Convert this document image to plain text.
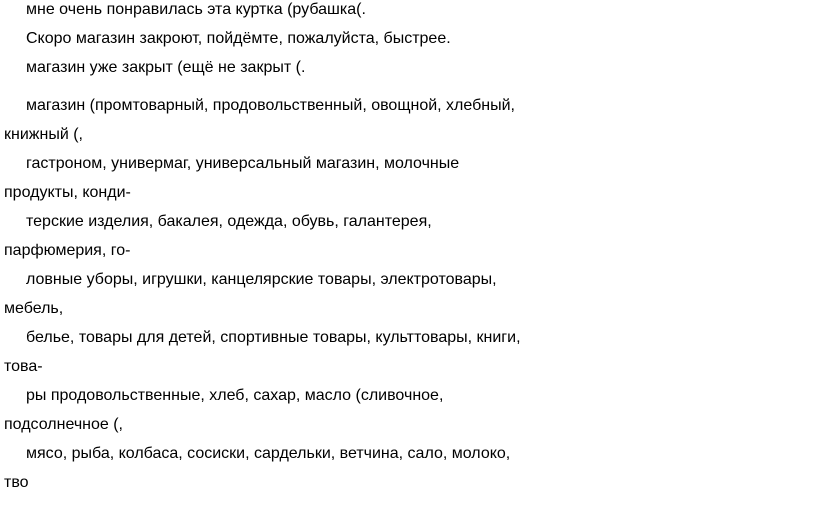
мне очень понравилась эта куртка (рубашка(.
Скоро магазин закроют, пойдёмте, пожалуйста, быстрее.
магазин уже закрыт (ещё не закрыт (.
магазин (промтоварный, продовольственный, овощной, хлебный,
книжный (,
гастроном, универмаг, универсальный магазин, молочные
продукты, конди-
терские изделия, бакалея, одежда, обувь, галантерея,
парфюмерия, го-
ловные уборы, игрушки, канцелярские товары, электротовары,
мебель,
белье, товары для детей, спортивные товары, культтовары, книги,
това-
ры продовольственные, хлеб, сахар, масло (сливочное,
подсолнечное (,
мясо, рыба, колбаса, сосиски, сардельки, ветчина, сало, молоко,
тво
